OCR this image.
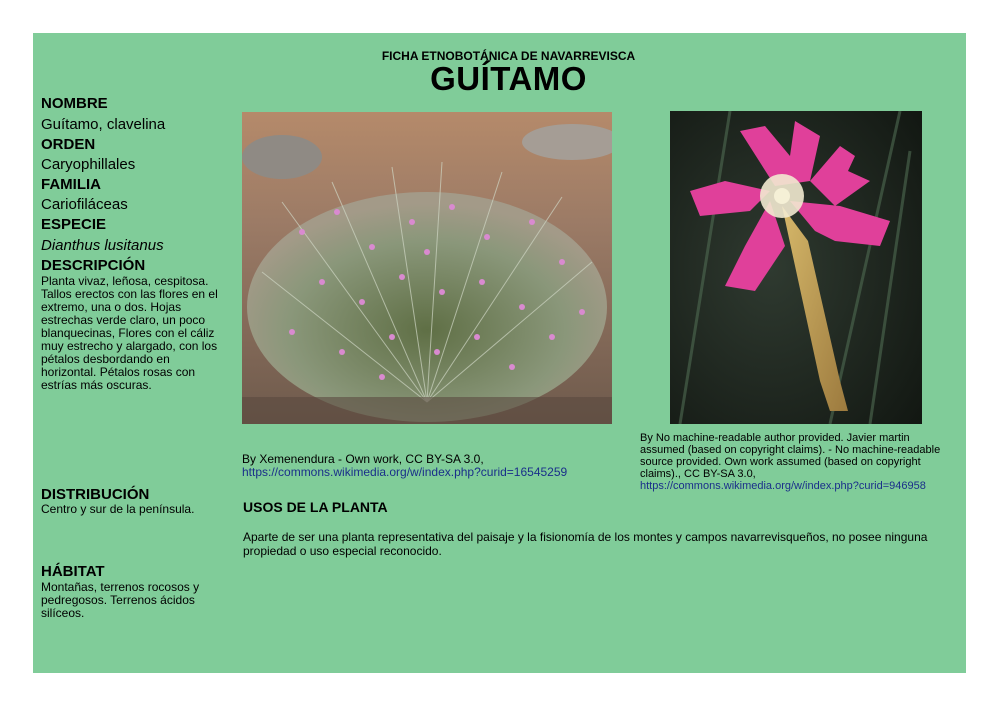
FICHA ETNOBOTÁNICA DE NAVARREVISCA
GUÍTAMO
NOMBRE
Guítamo, clavelina
ORDEN
Caryophillales
FAMILIA
Cariofiláceas
ESPECIE
Dianthus lusitanus
DESCRIPCIÓN
Planta vivaz, leñosa, cespitosa. Tallos erectos con las flores en el extremo, una o dos. Hojas estrechas verde claro, un poco blanquecinas, Flores con el cáliz muy estrecho y alargado, con los pétalos desbordando en horizontal. Pétalos rosas con estrías más oscuras.
DISTRIBUCIÓN
Centro y sur de la península.
HÁBITAT
Montañas, terrenos rocosos y pedregosos. Terrenos ácidos silíceos.
By Xemenendura - Own work, CC BY-SA 3.0,
https://commons.wikimedia.org/w/index.php?curid=16545259
By No machine-readable author provided. Javier martin assumed (based on copyright claims). - No machine-readable source provided. Own work assumed (based on copyright claims)., CC BY-SA 3.0,
https://commons.wikimedia.org/w/index.php?curid=946958
USOS DE LA PLANTA
Aparte de ser una planta representativa del paisaje y la fisionomía de los montes y campos navarrevisqueños, no posee ninguna propiedad o uso especial reconocido.
